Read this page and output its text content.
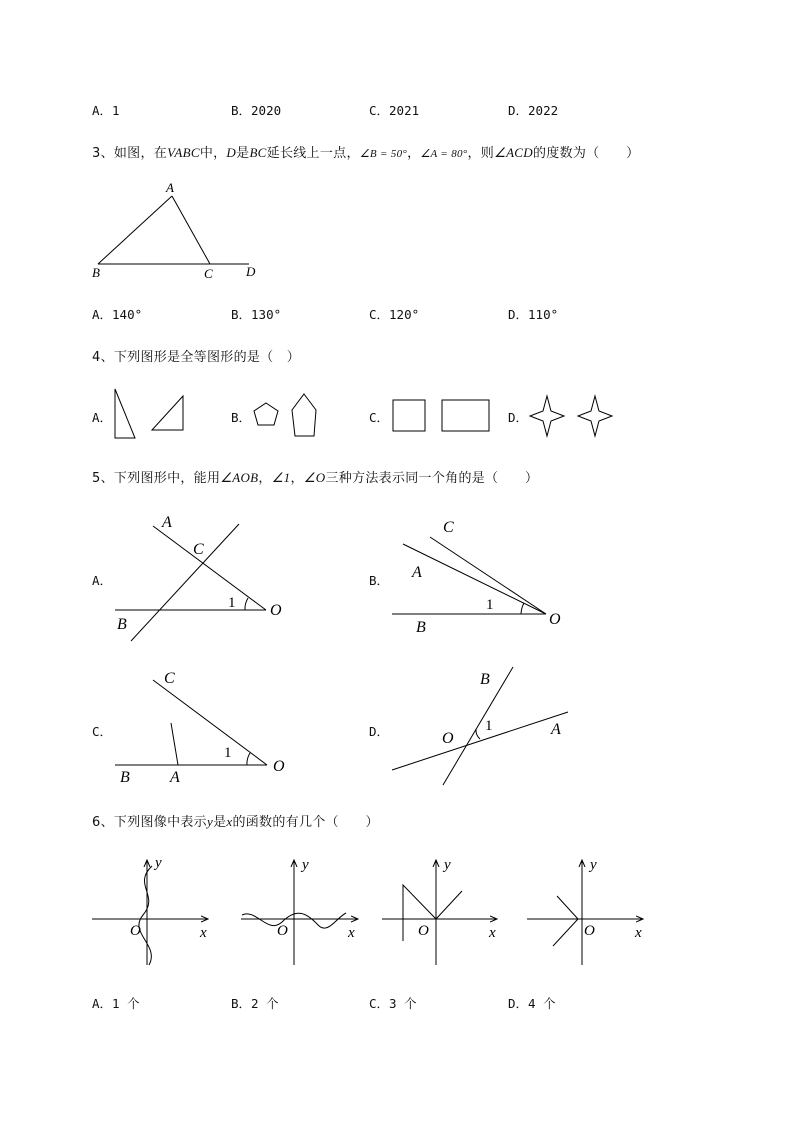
A．1	B．2020	C．2021	D．2022
3、如图，在VABC中，D是BC延长线上一点，∠B = 50°，∠A = 80°，则∠ACD的度数为（　　）
A
B	C	D
A．140°	B．130°	C．120°	D．110°
4、下列图形是全等图形的是（　）
A．	B．	C．	D．
5、下列图形中，能用∠AOB，∠1，∠O三种方法表示同一个角的是（　　）
A．	B．
C．	D．
A
C
1 O
B
C
A
1
O
B
C
1
O
B	A
B
1
O
A
6、下列图像中表示y是x的函数的有几个（　　）
y
O	x
y
O	x
y
O	x
y
O	x
A．1 个	B．2 个	C．3 个	D．4 个
